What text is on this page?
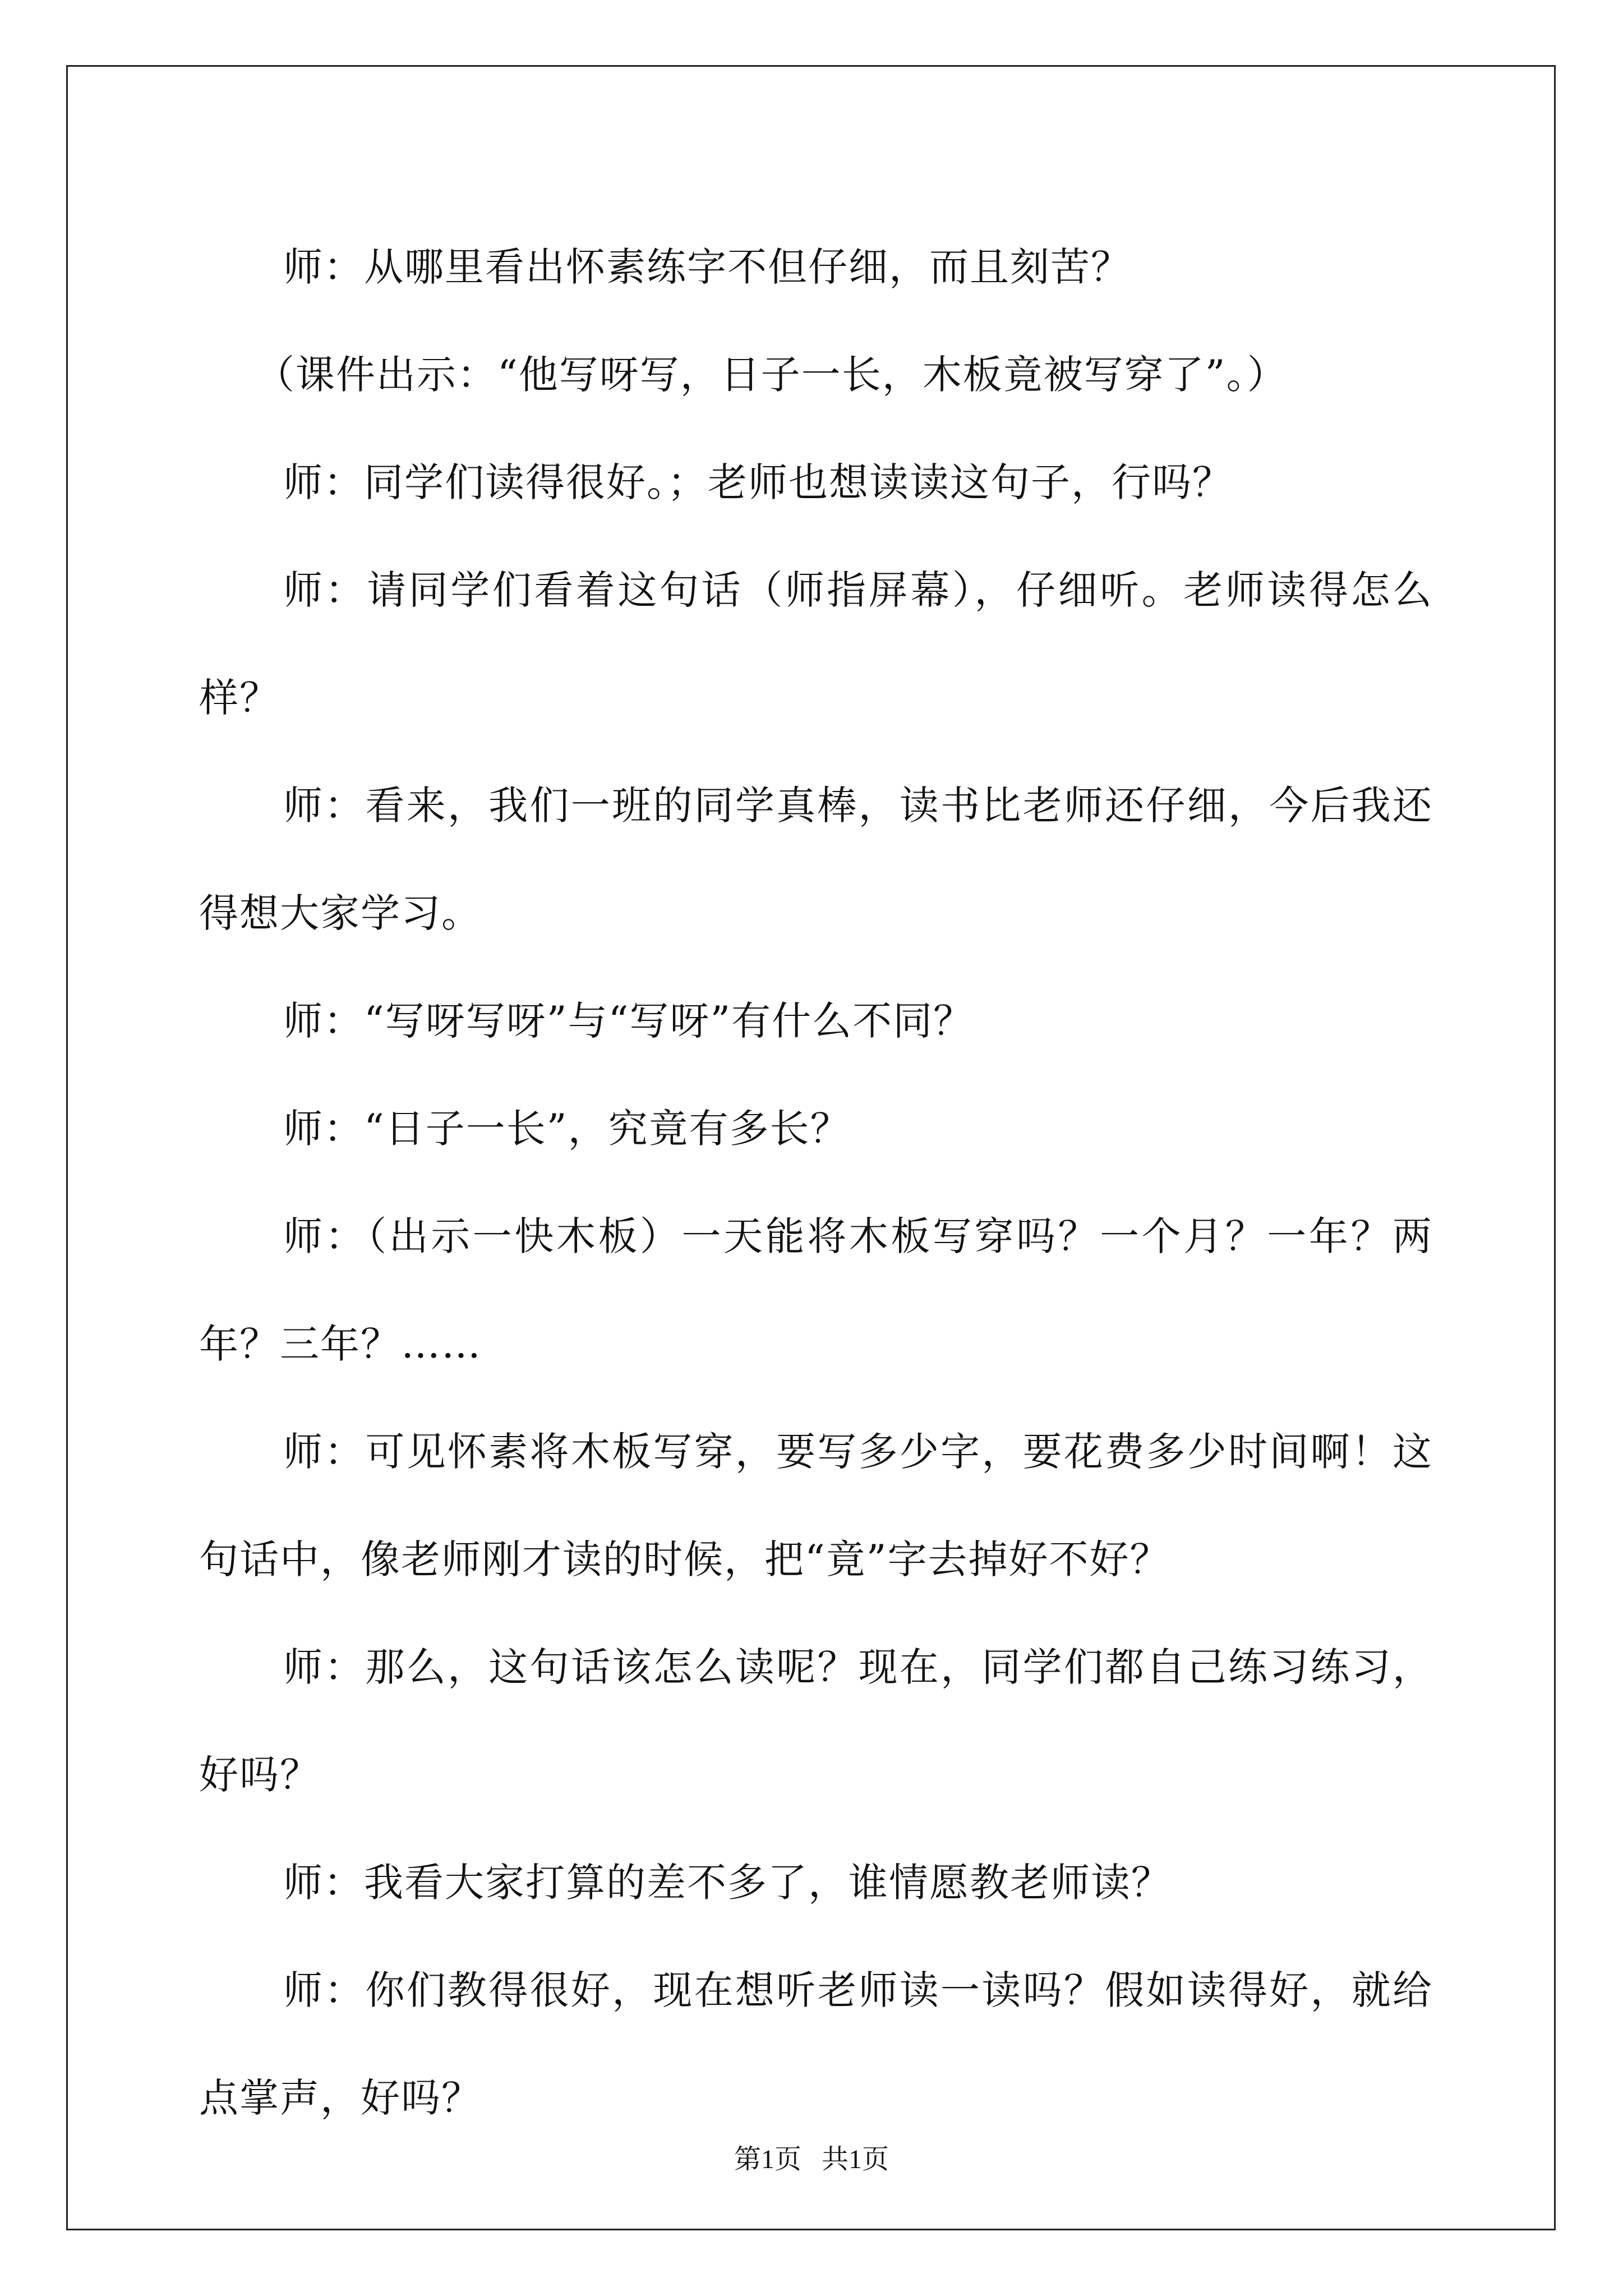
师：从哪里看出怀素练字不但仔细，而且刻苦？

（课件出示：“他写呀写，日子一长，木板竟被写穿了”。）

师：同学们读得很好。；老师也想读读这句子，行吗？

师：请同学们看着这句话（师指屏幕），仔细听。老师读得怎么样？

师：看来，我们一班的同学真棒，读书比老师还仔细，今后我还得想大家学习。

师：“写呀写呀”与“写呀”有什么不同？

师：“日子一长”，究竟有多长？

师：（出示一快木板）一天能将木板写穿吗？一个月？一年？两年？三年？……

师：可见怀素将木板写穿，要写多少字，要花费多少时间啊！这句话中，像老师刚才读的时候，把“竟”字去掉好不好？

师：那么，这句话该怎么读呢？现在，同学们都自己练习练习，好吗？

师：我看大家打算的差不多了，谁情愿教老师读？

师：你们教得很好，现在想听老师读一读吗？假如读得好，就给点掌声，好吗？

第1页 共1页
